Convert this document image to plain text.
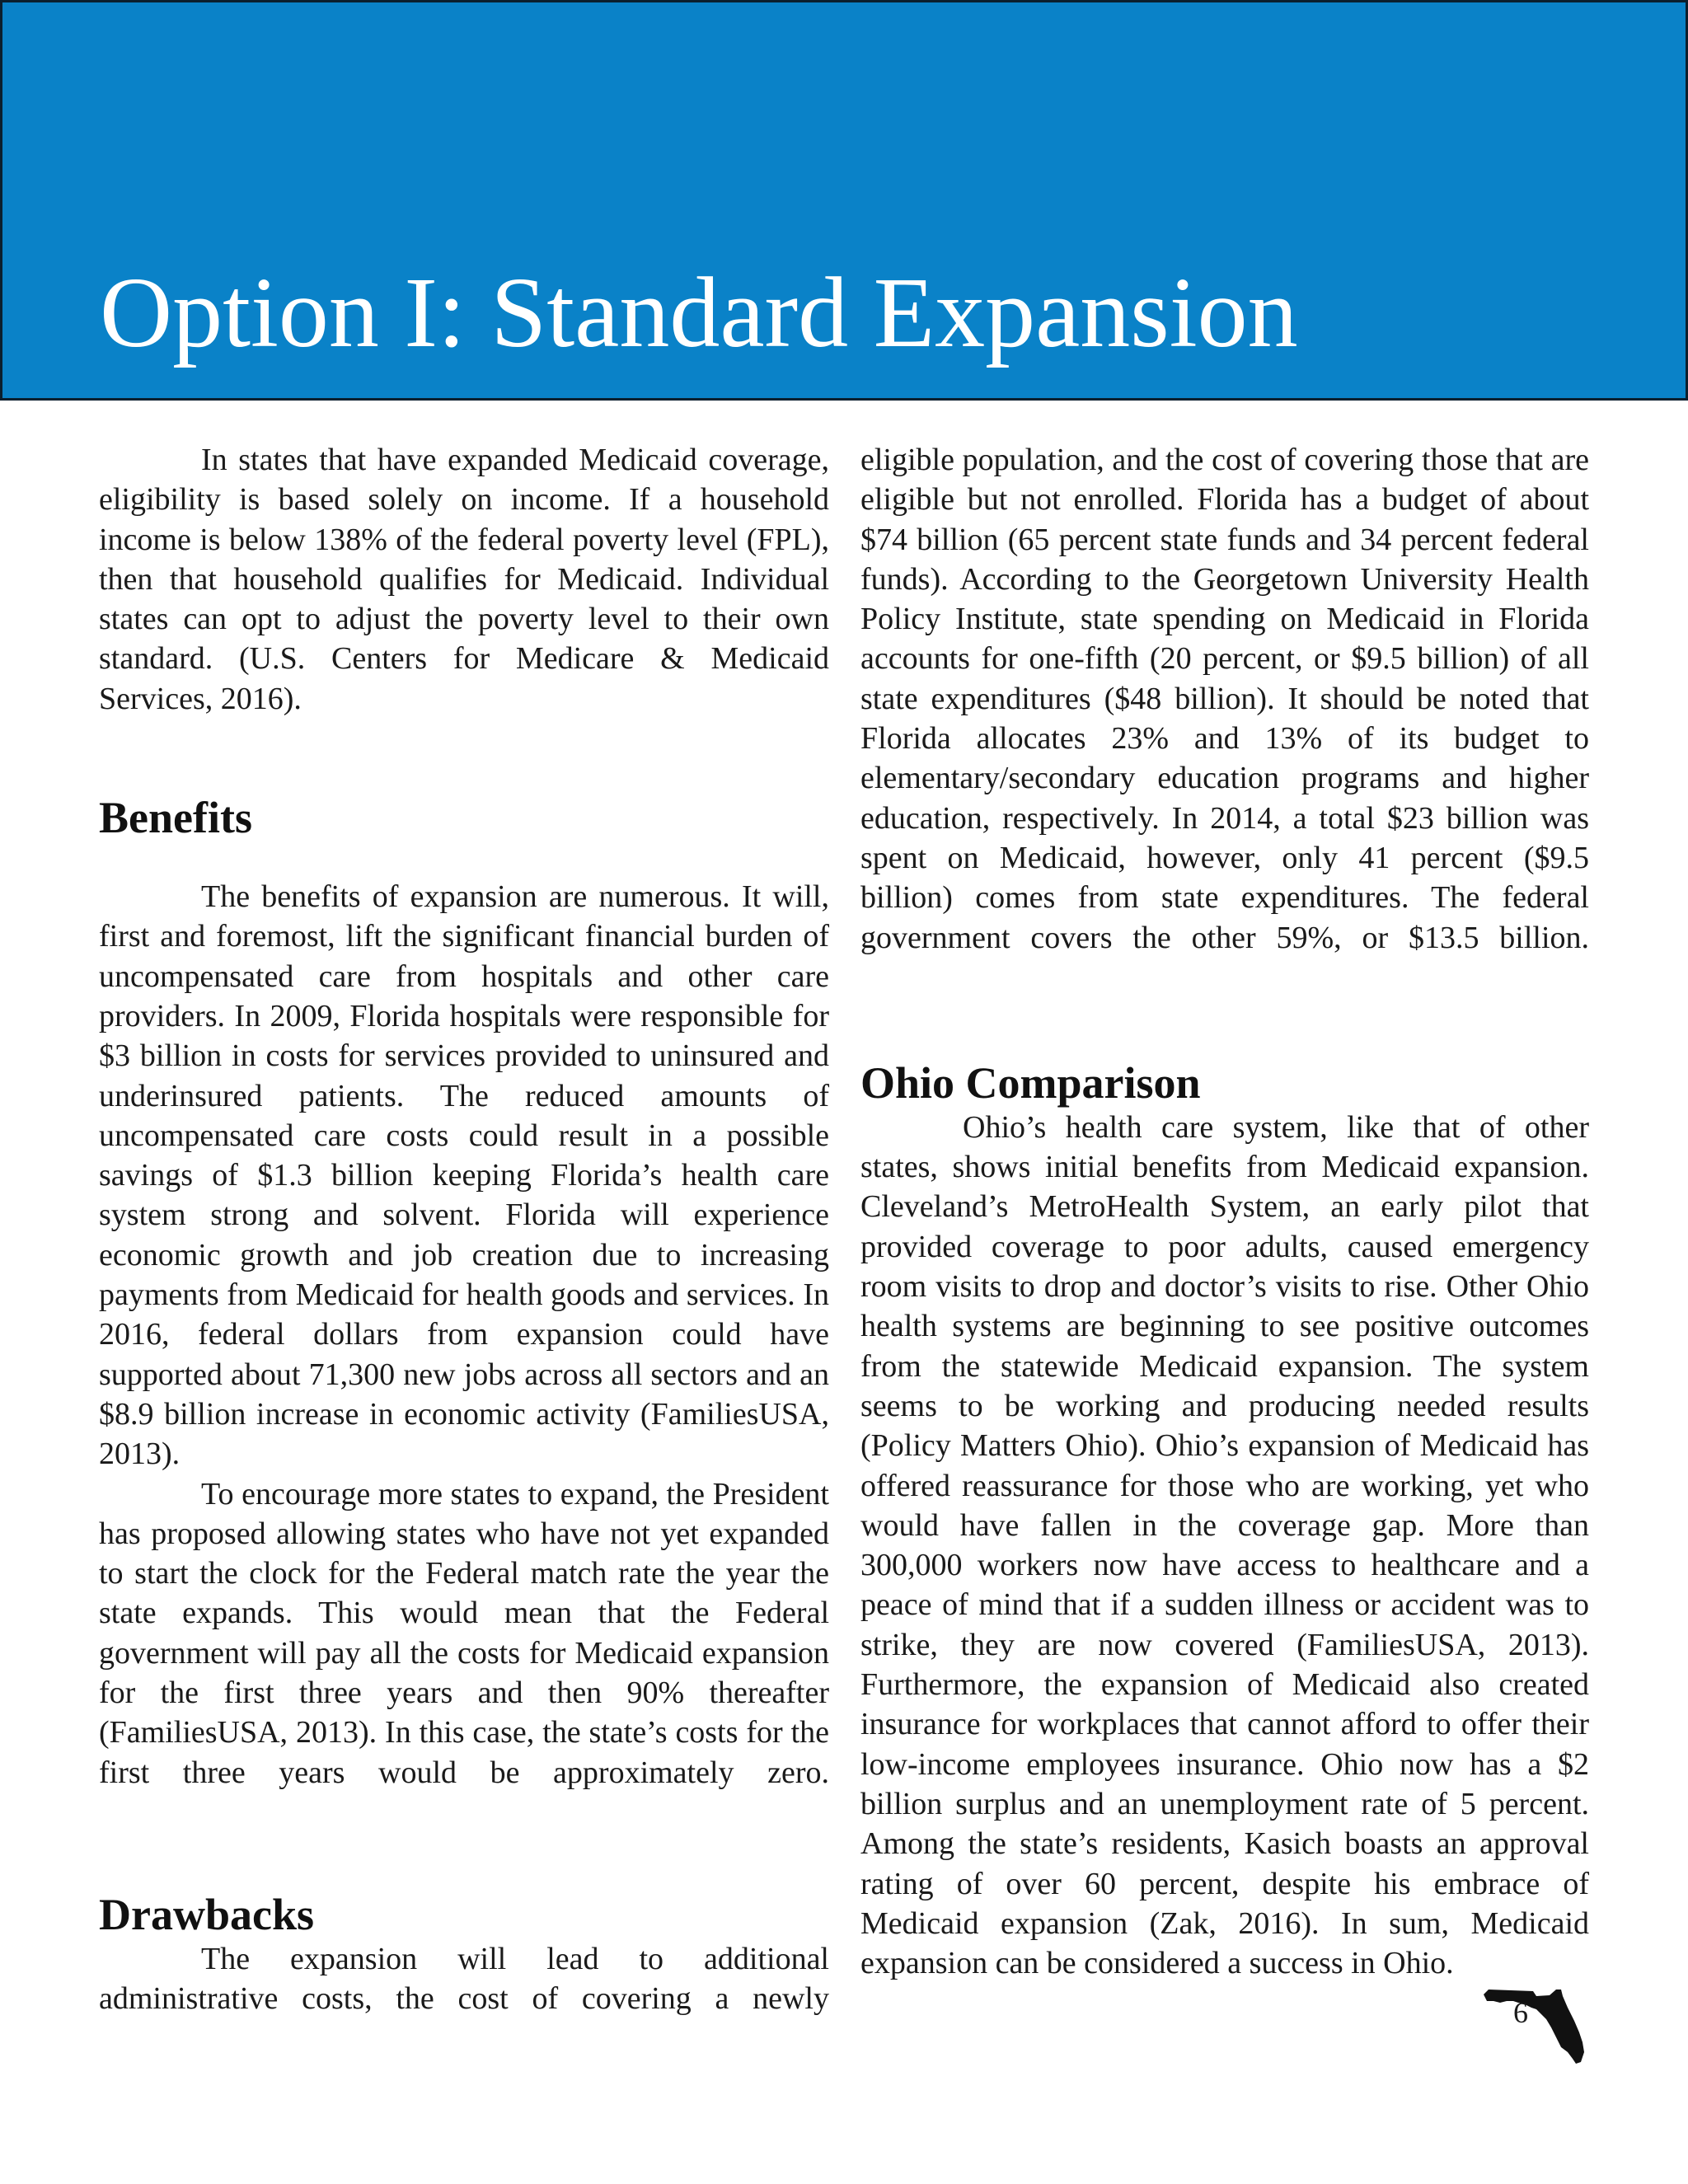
Option I: Standard Expansion

In states that have expanded Medicaid coverage, eligibility is based solely on income. If a household income is below 138% of the federal poverty level (FPL), then that household qualifies for Medicaid. Individual states can opt to adjust the poverty level to their own standard. (U.S. Centers for Medicare & Medicaid Services, 2016).

Benefits

The benefits of expansion are numerous. It will, first and foremost, lift the significant financial burden of uncompensated care from hospitals and other care providers. In 2009, Florida hospitals were responsible for $3 billion in costs for services provided to uninsured and underinsured patients. The reduced amounts of uncompensated care costs could result in a possible savings of $1.3 billion keeping Florida’s health care system strong and solvent. Florida will experience economic growth and job creation due to increasing payments from Medicaid for health goods and services. In 2016, federal dollars from expansion could have supported about 71,300 new jobs across all sectors and an $8.9 billion increase in economic activity (FamiliesUSA, 2013).

To encourage more states to expand, the President has proposed allowing states who have not yet expanded to start the clock for the Federal match rate the year the state expands. This would mean that the Federal government will pay all the costs for Medicaid expansion for the first three years and then 90% thereafter (FamiliesUSA, 2013). In this case, the state’s costs for the first three years would be approximately zero.

Drawbacks

The expansion will lead to additional administrative costs, the cost of covering a newly

eligible population, and the cost of covering those that are eligible but not enrolled. Florida has a budget of about $74 billion (65 percent state funds and 34 percent federal funds). According to the Georgetown University Health Policy Institute, state spending on Medicaid in Florida accounts for one-fifth (20 percent, or $9.5 billion) of all state expenditures ($48 billion). It should be noted that Florida allocates 23% and 13% of its budget to elementary/secondary education programs and higher education, respectively. In 2014, a total $23 billion was spent on Medicaid, however, only 41 percent ($9.5 billion) comes from state expenditures. The federal government covers the other 59%, or $13.5 billion.

Ohio Comparison

Ohio’s health care system, like that of other states, shows initial benefits from Medicaid expansion. Cleveland’s MetroHealth System, an early pilot that provided coverage to poor adults, caused emergency room visits to drop and doctor’s visits to rise. Other Ohio health systems are beginning to see positive outcomes from the statewide Medicaid expansion. The system seems to be working and producing needed results (Policy Matters Ohio). Ohio’s expansion of Medicaid has offered reassurance for those who are working, yet who would have fallen in the coverage gap. More than 300,000 workers now have access to healthcare and a peace of mind that if a sudden illness or accident was to strike, they are now covered (FamiliesUSA, 2013). Furthermore, the expansion of Medicaid also created insurance for workplaces that cannot afford to offer their low-income employees insurance. Ohio now has a $2 billion surplus and an unemployment rate of 5 percent. Among the state’s residents, Kasich boasts an approval rating of over 60 percent, despite his embrace of Medicaid expansion (Zak, 2016). In sum, Medicaid expansion can be considered a success in Ohio.

6
